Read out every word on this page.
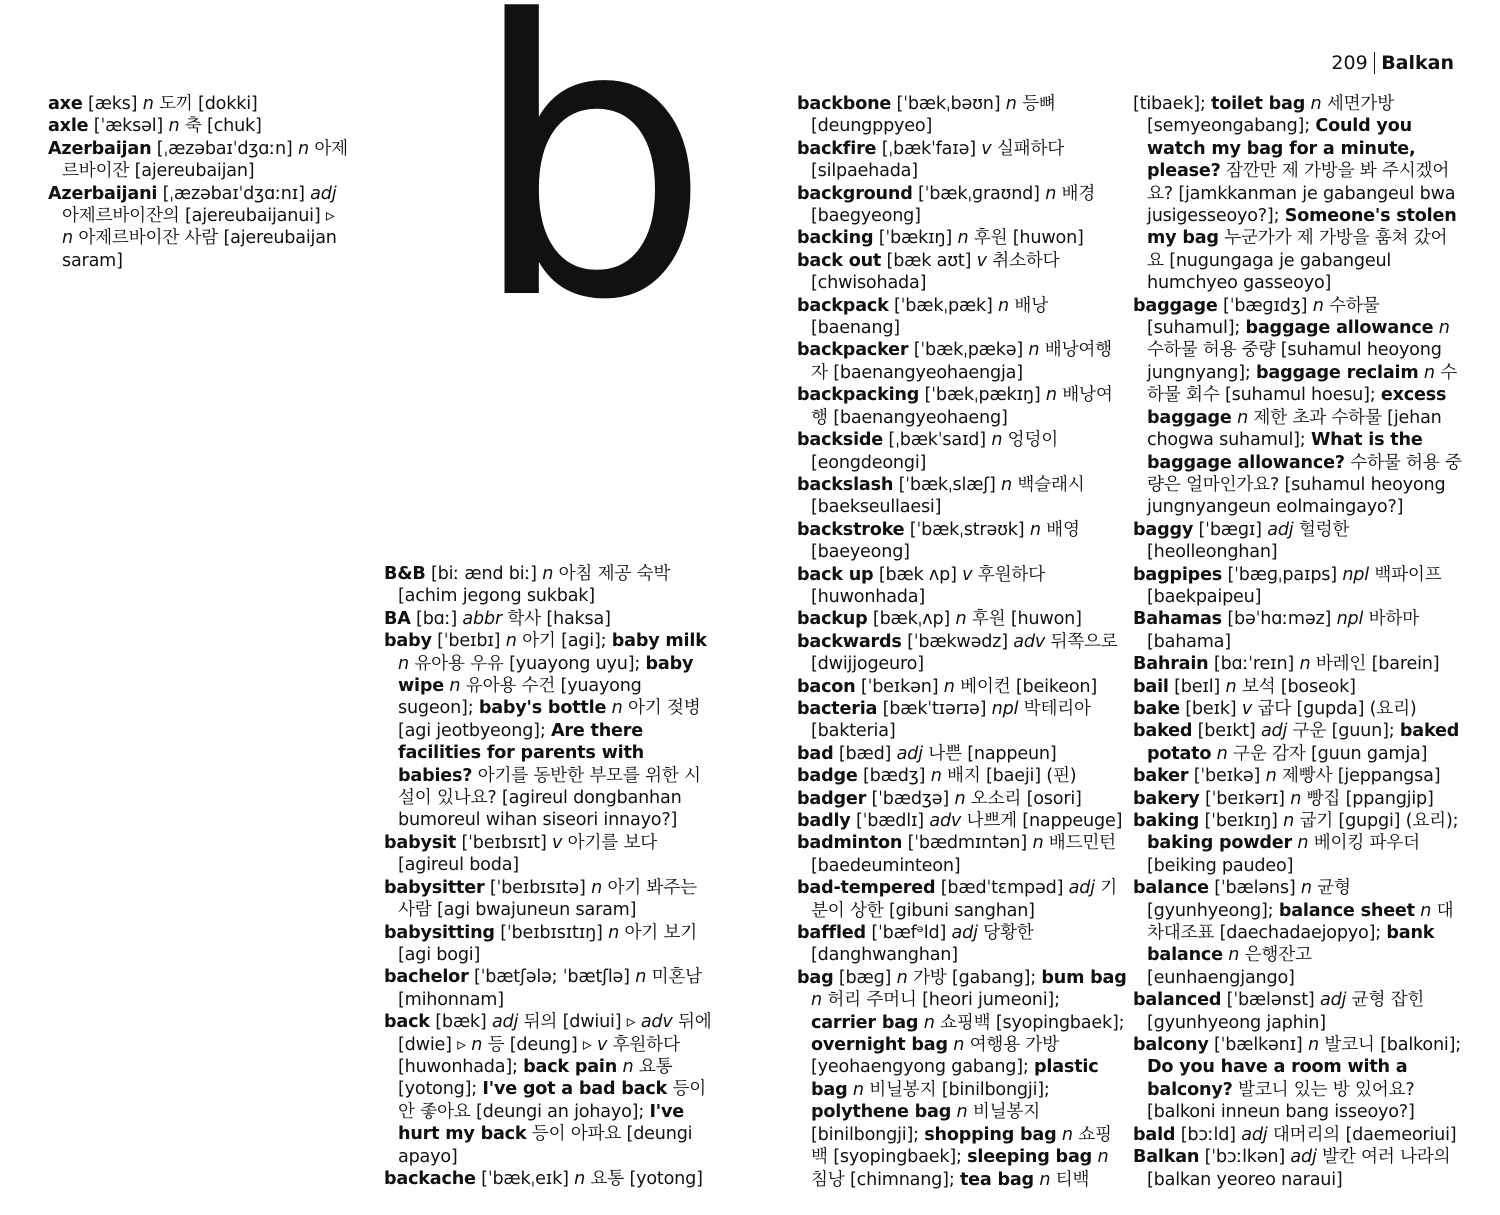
209 Balkan
b

axe [æks] n 도끼 [dokki]

axle [ˈæksəl] n 축 [chuk]

Azerbaijan [ˌæzəbaɪˈdʒɑːn] n 아제르바이잔 [ajereubaijan]

Azerbaijani [ˌæzəbaɪˈdʒɑːnɪ] adj 아제르바이잔의 [ajereubaijanui] ▹ n 아제르바이잔 사람 [ajereubaijan saram]

B&B [biː ænd biː] n 아침 제공 숙박 [achim jegong sukbak]

BA [bɑː] abbr 학사 [haksa]

baby [ˈbeɪbɪ] n 아기 [agi]; baby milk n 유아용 우유 [yuayong uyu]; baby wipe n 유아용 수건 [yuayong sugeon]; baby's bottle n 아기 젖병 [agi jeotbyeong]; Are there facilities for parents with babies? 아기를 동반한 부모를 위한 시설이 있나요? [agireul dongbanhan bumoreul wihan siseori innayo?]

babysit [ˈbeɪbɪsɪt] v 아기를 보다 [agireul boda]

babysitter [ˈbeɪbɪsɪtə] n 아기 봐주는 사람 [agi bwajuneun saram]

babysitting [ˈbeɪbɪsɪtɪŋ] n 아기 보기 [agi bogi]

bachelor [ˈbætʃələ; ˈbætʃlə] n 미혼남 [mihonnam]

back [bæk] adj 뒤의 [dwiui] ▹ adv 뒤에 [dwie] ▹ n 등 [deung] ▹ v 후원하다 [huwonhada]; back pain n 요통 [yotong]; I've got a bad back 등이 안 좋아요 [deungi an johayo]; I've hurt my back 등이 아파요 [deungi apayo]

backache [ˈbækˌeɪk] n 요통 [yotong]

backbone [ˈbækˌbəʊn] n 등뼈 [deungppyeo]

backfire [ˌbækˈfaɪə] v 실패하다 [silpaehada]

background [ˈbækˌɡraʊnd] n 배경 [baegyeong]

backing [ˈbækɪŋ] n 후원 [huwon]

back out [bæk aʊt] v 취소하다 [chwisohada]

backpack [ˈbækˌpæk] n 배낭 [baenang]

backpacker [ˈbækˌpækə] n 배낭여행자 [baenangyeohaengja]

backpacking [ˈbækˌpækɪŋ] n 배낭여행 [baenangyeohaeng]

backside [ˌbækˈsaɪd] n 엉덩이 [eongdeongi]

backslash [ˈbækˌslæʃ] n 백슬래시 [baekseullaesi]

backstroke [ˈbækˌstrəʊk] n 배영 [baeyeong]

back up [bæk ʌp] v 후원하다 [huwonhada]

backup [bækˌʌp] n 후원 [huwon]

backwards [ˈbækwədz] adv 뒤쪽으로 [dwijjogeuro]

bacon [ˈbeɪkən] n 베이컨 [beikeon]

bacteria [bækˈtɪərɪə] npl 박테리아 [bakteria]

bad [bæd] adj 나쁜 [nappeun]

badge [bædʒ] n 배지 [baeji] (핀)

badger [ˈbædʒə] n 오소리 [osori]

badly [ˈbædlɪ] adv 나쁘게 [nappeuge]

badminton [ˈbædmɪntən] n 배드민턴 [baedeuminteon]

bad-tempered [bædˈtɛmpəd] adj 기분이 상한 [gibuni sanghan]

baffled [ˈbæfᵊld] adj 당황한 [danghwanghan]

bag [bæɡ] n 가방 [gabang]; bum bag n 허리 주머니 [heori jumeoni]; carrier bag n 쇼핑백 [syopingbaek]; overnight bag n 여행용 가방 [yeohaengyong gabang]; plastic bag n 비닐봉지 [binilbongji]; polythene bag n 비닐봉지 [binilbongji]; shopping bag n 쇼핑백 [syopingbaek]; sleeping bag n 침낭 [chimnang]; tea bag n 티백

[tibaek]; toilet bag n 세면가방 [semyeongabang]; Could you watch my bag for a minute, please? 잠깐만 제 가방을 봐 주시겠어요? [jamkkanman je gabangeul bwa jusigesseoyo?]; Someone's stolen my bag 누군가가 제 가방을 훔쳐 갔어요 [nugungaga je gabangeul humchyeo gasseoyo]

baggage [ˈbæɡɪdʒ] n 수하물 [suhamul]; baggage allowance n 수하물 허용 중량 [suhamul heoyong jungnyang]; baggage reclaim n 수하물 회수 [suhamul hoesu]; excess baggage n 제한 초과 수하물 [jehan chogwa suhamul]; What is the baggage allowance? 수하물 허용 중량은 얼마인가요? [suhamul heoyong jungnyangeun eolmaingayo?]

baggy [ˈbæɡɪ] adj 헐렁한 [heolleonghan]

bagpipes [ˈbæɡˌpaɪps] npl 백파이프 [baekpaipeu]

Bahamas [bəˈhɑːməz] npl 바하마 [bahama]

Bahrain [bɑːˈreɪn] n 바레인 [barein]

bail [beɪl] n 보석 [boseok]

bake [beɪk] v 굽다 [gupda] (요리)

baked [beɪkt] adj 구운 [guun]; baked potato n 구운 감자 [guun gamja]

baker [ˈbeɪkə] n 제빵사 [jeppangsa]

bakery [ˈbeɪkərɪ] n 빵집 [ppangjip]

baking [ˈbeɪkɪŋ] n 굽기 [gupgi] (요리); baking powder n 베이킹 파우더 [beiking paudeo]

balance [ˈbæləns] n 균형 [gyunhyeong]; balance sheet n 대차대조표 [daechadaejopyo]; bank balance n 은행잔고 [eunhaengjango]

balanced [ˈbælənst] adj 균형 잡힌 [gyunhyeong japhin]

balcony [ˈbælkənɪ] n 발코니 [balkoni]; Do you have a room with a balcony? 발코니 있는 방 있어요? [balkoni inneun bang isseoyo?]

bald [bɔːld] adj 대머리의 [daemeoriui]

Balkan [ˈbɔːlkən] adj 발칸 여러 나라의 [balkan yeoreo naraui]
